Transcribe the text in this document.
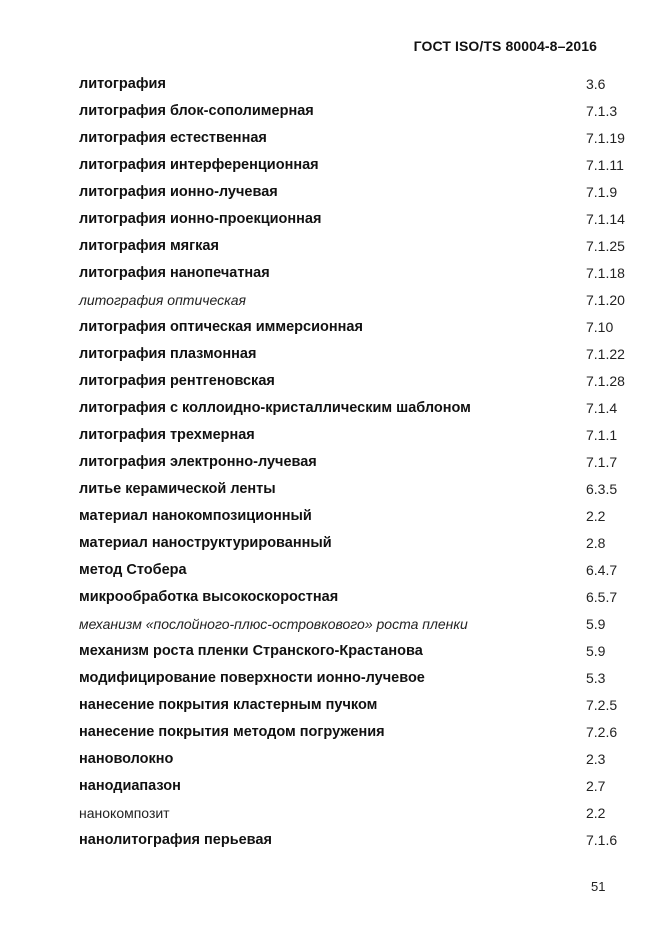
ГОСТ ISO/TS 80004-8–2016
литография	3.6
литография блок-сополимерная	7.1.3
литография естественная	7.1.19
литография интерференционная	7.1.11
литография ионно-лучевая	7.1.9
литография ионно-проекционная	7.1.14
литография мягкая	7.1.25
литография нанопечатная	7.1.18
литография оптическая	7.1.20
литография оптическая иммерсионная	7.10
литография плазмонная	7.1.22
литография рентгеновская	7.1.28
литография с коллоидно-кристаллическим шаблоном	7.1.4
литография трехмерная	7.1.1
литография электронно-лучевая	7.1.7
литье керамической ленты	6.3.5
материал нанокомпозиционный	2.2
материал наноструктурированный	2.8
метод Стобера	6.4.7
микрообработка высокоскоростная	6.5.7
механизм «послойного-плюс-островкового» роста пленки	5.9
механизм роста пленки Странского-Крастанова	5.9
модифицирование поверхности ионно-лучевое	5.3
нанесение покрытия кластерным пучком	7.2.5
нанесение покрытия методом погружения	7.2.6
нановолокно	2.3
нанодиапазон	2.7
нанокомпозит	2.2
нанолитография перьевая	7.1.6
51
